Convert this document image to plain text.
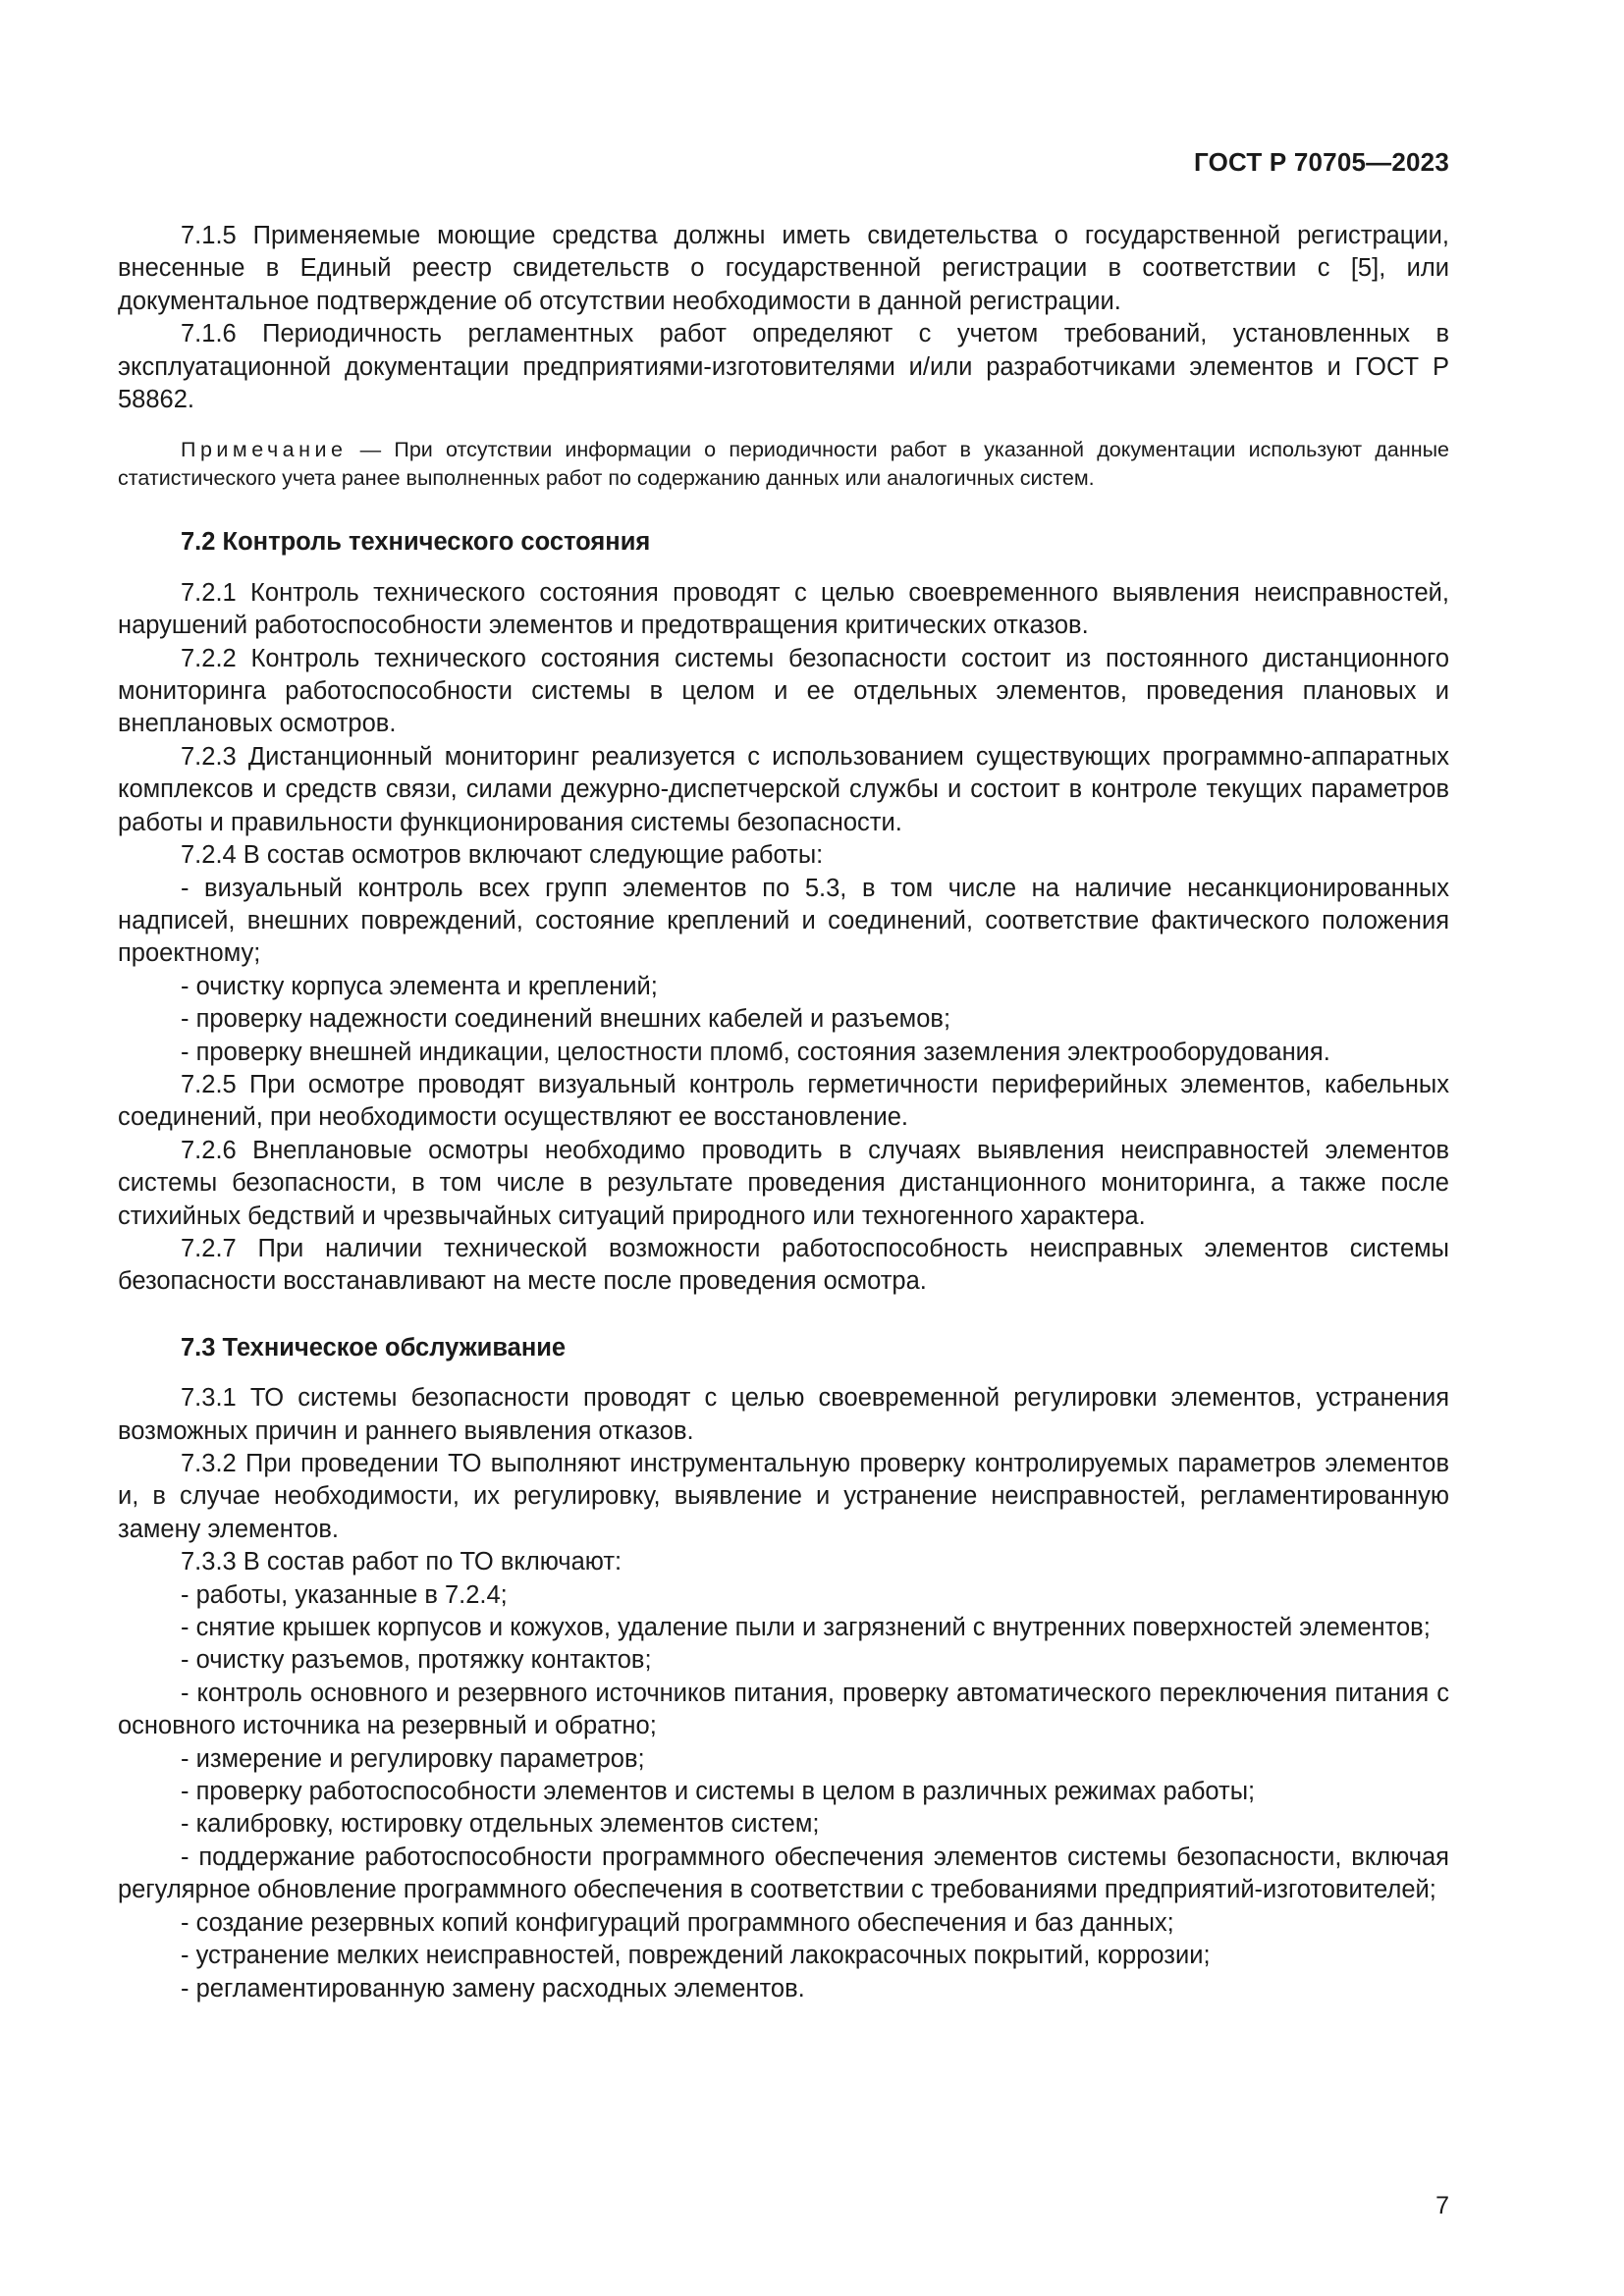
ГОСТ Р 70705—2023

7.1.5 Применяемые моющие средства должны иметь свидетельства о государственной регистрации, внесенные в Единый реестр свидетельств о государственной регистрации в соответствии с [5], или документальное подтверждение об отсутствии необходимости в данной регистрации.

7.1.6 Периодичность регламентных работ определяют с учетом требований, установленных в эксплуатационной документации предприятиями-изготовителями и/или разработчиками элементов и ГОСТ Р 58862.

Примечание — При отсутствии информации о периодичности работ в указанной документации используют данные статистического учета ранее выполненных работ по содержанию данных или аналогичных систем.

7.2 Контроль технического состояния

7.2.1 Контроль технического состояния проводят с целью своевременного выявления неисправностей, нарушений работоспособности элементов и предотвращения критических отказов.

7.2.2 Контроль технического состояния системы безопасности состоит из постоянного дистанционного мониторинга работоспособности системы в целом и ее отдельных элементов, проведения плановых и внеплановых осмотров.

7.2.3 Дистанционный мониторинг реализуется с использованием существующих программно-аппаратных комплексов и средств связи, силами дежурно-диспетчерской службы и состоит в контроле текущих параметров работы и правильности функционирования системы безопасности.

7.2.4 В состав осмотров включают следующие работы:

- визуальный контроль всех групп элементов по 5.3, в том числе на наличие несанкционированных надписей, внешних повреждений, состояние креплений и соединений, соответствие фактического положения проектному;

- очистку корпуса элемента и креплений;

- проверку надежности соединений внешних кабелей и разъемов;

- проверку внешней индикации, целостности пломб, состояния заземления электрооборудования.

7.2.5 При осмотре проводят визуальный контроль герметичности периферийных элементов, кабельных соединений, при необходимости осуществляют ее восстановление.

7.2.6 Внеплановые осмотры необходимо проводить в случаях выявления неисправностей элементов системы безопасности, в том числе в результате проведения дистанционного мониторинга, а также после стихийных бедствий и чрезвычайных ситуаций природного или техногенного характера.

7.2.7 При наличии технической возможности работоспособность неисправных элементов системы безопасности восстанавливают на месте после проведения осмотра.

7.3 Техническое обслуживание

7.3.1 ТО системы безопасности проводят с целью своевременной регулировки элементов, устранения возможных причин и раннего выявления отказов.

7.3.2 При проведении ТО выполняют инструментальную проверку контролируемых параметров элементов и, в случае необходимости, их регулировку, выявление и устранение неисправностей, регламентированную замену элементов.

7.3.3 В состав работ по ТО включают:

- работы, указанные в 7.2.4;

- снятие крышек корпусов и кожухов, удаление пыли и загрязнений с внутренних поверхностей элементов;

- очистку разъемов, протяжку контактов;

- контроль основного и резервного источников питания, проверку автоматического переключения питания с основного источника на резервный и обратно;

- измерение и регулировку параметров;

- проверку работоспособности элементов и системы в целом в различных режимах работы;

- калибровку, юстировку отдельных элементов систем;

- поддержание работоспособности программного обеспечения элементов системы безопасности, включая регулярное обновление программного обеспечения в соответствии с требованиями предприятий-изготовителей;

- создание резервных копий конфигураций программного обеспечения и баз данных;

- устранение мелких неисправностей, повреждений лакокрасочных покрытий, коррозии;

- регламентированную замену расходных элементов.

7
